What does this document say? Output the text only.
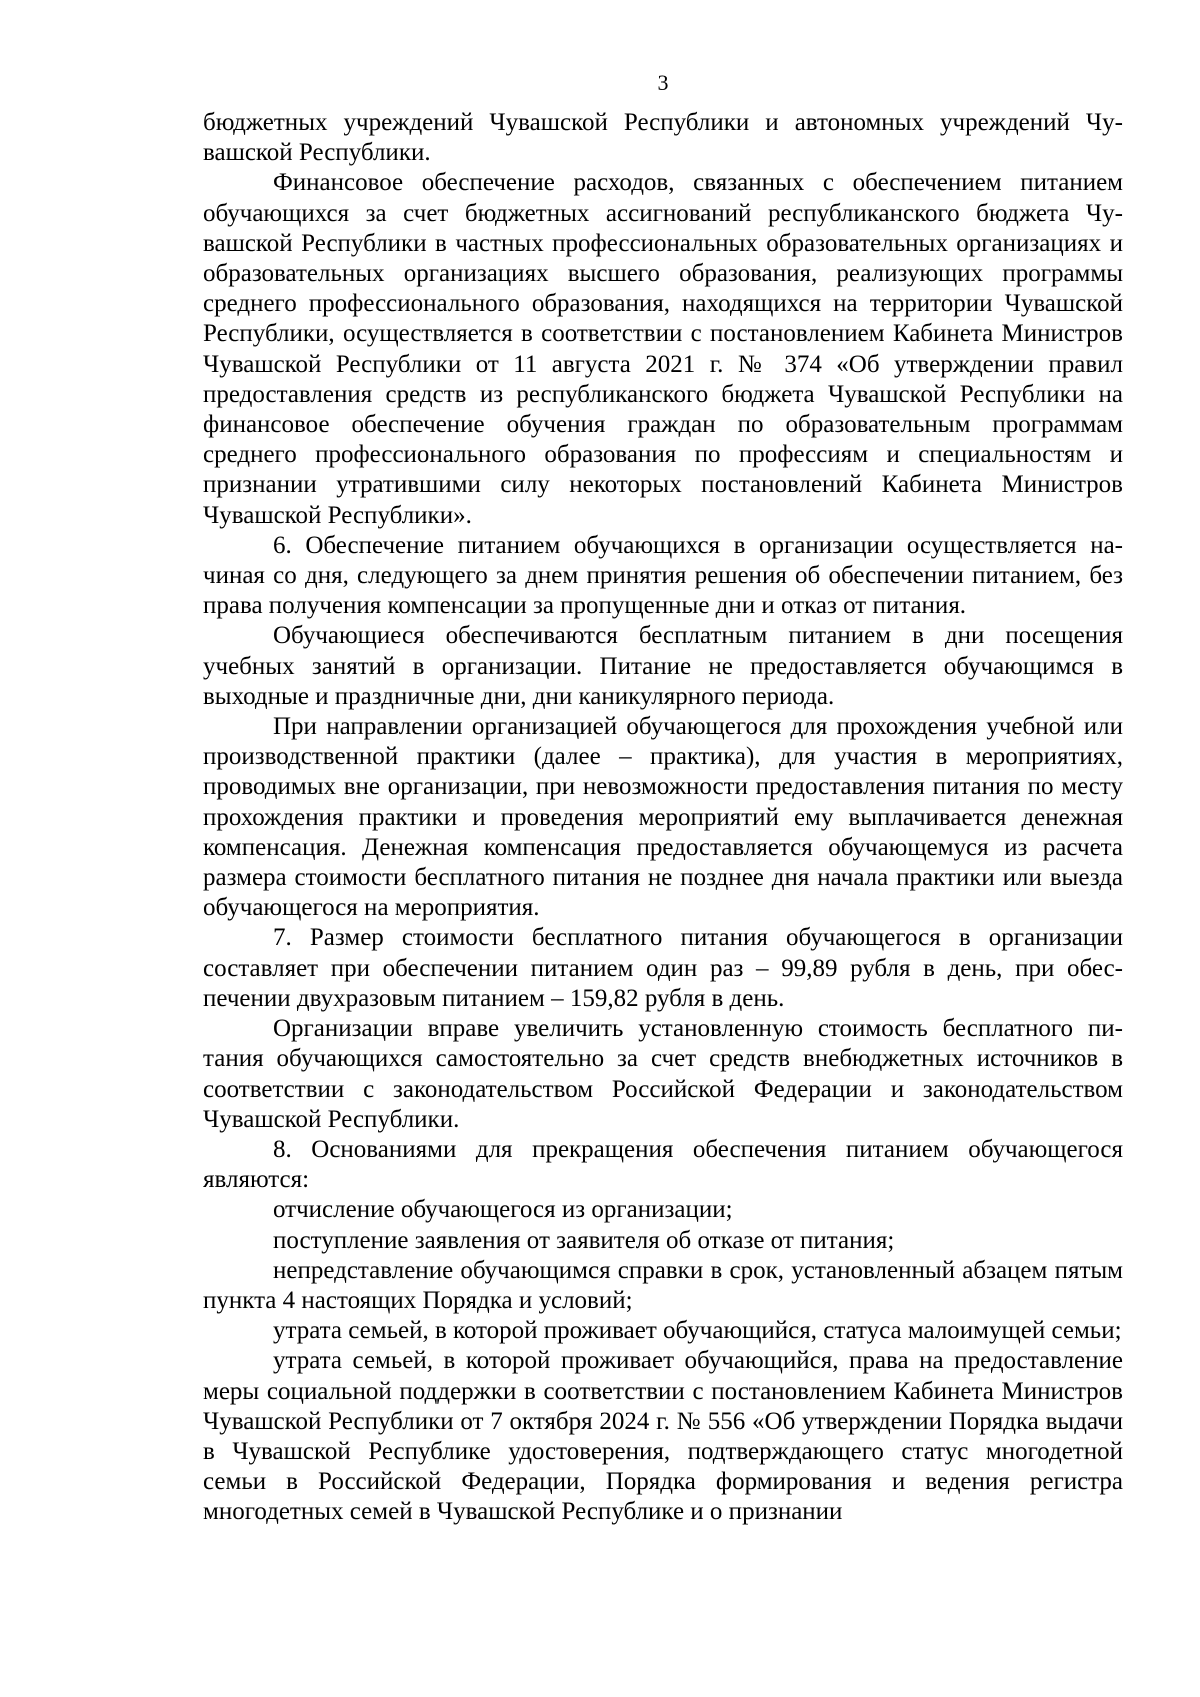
3

бюджетных учреждений Чувашской Республики и автономных учреждений Чувашской Республики.

Финансовое обеспечение расходов, связанных с обеспечением питанием обучающихся за счет бюджетных ассигнований республиканского бюджета Чувашской Республики в частных профессиональных образовательных организациях и образовательных организациях высшего образования, реализующих программы среднего профессионального образования, находящихся на территории Чувашской Республики, осуществляется в соответствии с постановлением Кабинета Министров Чувашской Республики от 11 августа 2021 г. № 374 «Об утверждении правил предоставления средств из республиканского бюджета Чувашской Республики на финансовое обеспечение обучения граждан по образовательным программам среднего профессионального образования по профессиям и специальностям и признании утратившими силу некоторых постановлений Кабинета Министров Чувашской Республики».

6. Обеспечение питанием обучающихся в организации осуществляется начиная со дня, следующего за днем принятия решения об обеспечении питанием, без права получения компенсации за пропущенные дни и отказ от питания.

Обучающиеся обеспечиваются бесплатным питанием в дни посещения учебных занятий в организации. Питание не предоставляется обучающимся в выходные и праздничные дни, дни каникулярного периода.

При направлении организацией обучающегося для прохождения учебной или производственной практики (далее – практика), для участия в мероприятиях, проводимых вне организации, при невозможности предоставления питания по месту прохождения практики и проведения мероприятий ему выплачивается денежная компенсация. Денежная компенсация предоставляется обучающемуся из расчета размера стоимости бесплатного питания не позднее дня начала практики или выезда обучающегося на мероприятия.

7. Размер стоимости бесплатного питания обучающегося в организации составляет при обеспечении питанием один раз – 99,89 рубля в день, при обеспечении двухразовым питанием – 159,82 рубля в день.

Организации вправе увеличить установленную стоимость бесплатного питания обучающихся самостоятельно за счет средств внебюджетных источников в соответствии с законодательством Российской Федерации и законодательством Чувашской Республики.

8. Основаниями для прекращения обеспечения питанием обучающегося являются:

отчисление обучающегося из организации;

поступление заявления от заявителя об отказе от питания;

непредставление обучающимся справки в срок, установленный абзацем пятым пункта 4 настоящих Порядка и условий;

утрата семьей, в которой проживает обучающийся, статуса малоимущей семьи;

утрата семьей, в которой проживает обучающийся, права на предоставление меры социальной поддержки в соответствии с постановлением Кабинета Министров Чувашской Республики от 7 октября 2024 г. № 556 «Об утверждении Порядка выдачи в Чувашской Республике удостоверения, подтверждающего статус многодетной семьи в Российской Федерации, Порядка формирования и ведения регистра многодетных семей в Чувашской Республике и о признании
